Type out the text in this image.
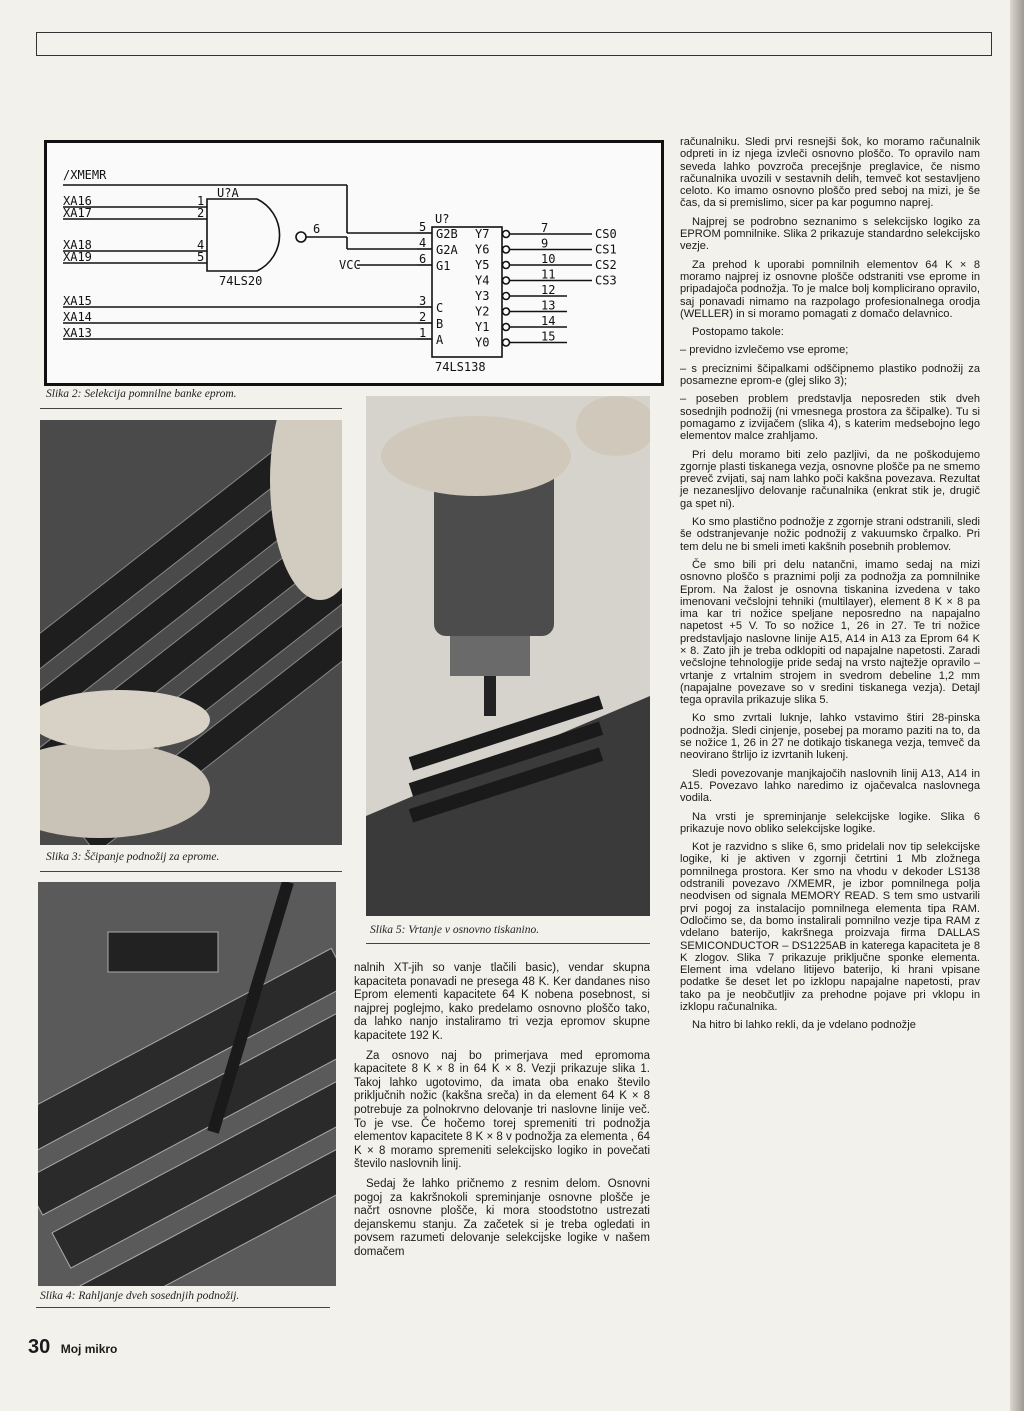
/XMEMR
XA16
XA17
XA18
XA19
1
2
4
5
U?A
6
74LS20
VCC
U?
XA15
XA14
XA13
5
4
6
3
2
1
G2B
G2A
G1
C
B
A
74LS138
Y7	7
Y6	9
Y5	10
Y4	11
Y3	12
Y2	13
Y1	14
Y0	15
CS0
CS1
CS2
CS3
Slika 2: Selekcija pomnilne banke eprom.
Slika 3: Ščipanje podnožij za eprome.
Slika 4: Rahljanje dveh sosednjih podnožij.
Slika 5: Vrtanje v osnovno tiskanino.

nalnih XT-jih so vanje tlačili basic), vendar skupna kapaciteta ponavadi ne presega 48 K. Ker dandanes niso Eprom elementi kapacitete 64 K nobena posebnost, si najprej poglejmo, kako predelamo osnovno ploščo tako, da lahko nanjo instaliramo tri vezja epromov skupne kapacitete 192 K.

Za osnovo naj bo primerjava med epromoma kapacitete 8 K × 8 in 64 K × 8. Vezji prikazuje slika 1. Takoj lahko ugotovimo, da imata oba enako število priključnih nožic (kakšna sreča) in da element 64 K × 8 potrebuje za polnokrvno delovanje tri naslovne linije več. To je vse. Če hočemo torej spremeniti tri podnožja elementov kapacitete 8 K × 8 v podnožja za elementa , 64 K × 8 moramo spremeniti selekcijsko logiko in povečati število naslovnih linij.

Sedaj že lahko pričnemo z resnim delom. Osnovni pogoj za kakršnokoli spreminjanje osnovne plošče je načrt osnovne plošče, ki mora stoodstotno ustrezati dejanskemu stanju. Za začetek si je treba ogledati in povsem razumeti delovanje selekcijske logike v našem domačem

računalniku. Sledi prvi resnejši šok, ko moramo računalnik odpreti in iz njega izvleči osnovno ploščo. To opravilo nam seveda lahko povzroča precejšnje preglavice, če nismo računalnika uvozili v sestavnih delih, temveč kot sestavljeno celoto. Ko imamo osnovno ploščo pred seboj na mizi, je še čas, da si premislimo, sicer pa kar pogumno naprej.

Najprej se podrobno seznanimo s selekcijsko logiko za EPROM pomnilnike. Slika 2 prikazuje standardno selekcijsko vezje.

Za prehod k uporabi pomnilnih elementov 64 K × 8 moramo najprej iz osnovne plošče odstraniti vse eprome in pripadajoča podnožja. To je malce bolj komplicirano opravilo, saj ponavadi nimamo na razpolago profesionalnega orodja (WELLER) in si moramo pomagati z domačo delavnico.

Postopamo takole:

– previdno izvlečemo vse eprome;

– s preciznimi ščipalkami odščipnemo plastiko podnožij za posamezne eprom-e (glej sliko 3);

– poseben problem predstavlja neposreden stik dveh sosednjih podnožij (ni vmesnega prostora za ščipalke). Tu si pomagamo z izvijačem (slika 4), s katerim medsebojno lego elementov malce zrahljamo.

Pri delu moramo biti zelo pazljivi, da ne poškodujemo zgornje plasti tiskanega vezja, osnovne plošče pa ne smemo preveč zvijati, saj nam lahko poči kakšna povezava. Rezultat je nezanesljivo delovanje računalnika (enkrat stik je, drugič ga spet ni).

Ko smo plastično podnožje z zgornje strani odstranili, sledi še odstranjevanje nožic podnožij z vakuumsko črpalko. Pri tem delu ne bi smeli imeti kakšnih posebnih problemov.

Če smo bili pri delu natančni, imamo sedaj na mizi osnovno ploščo s praznimi polji za podnožja za pomnilnike Eprom. Na žalost je osnovna tiskanina izvedena v tako imenovani večslojni tehniki (multilayer), element 8 K × 8 pa ima kar tri nožice speljane neposredno na napajalno napetost +5 V. To so nožice 1, 26 in 27. Te tri nožice predstavljajo naslovne linije A15, A14 in A13 za Eprom 64 K × 8. Zato jih je treba odklopiti od napajalne napetosti. Zaradi večslojne tehnologije pride sedaj na vrsto najtežje opravilo – vrtanje z vrtalnim strojem in svedrom debeline 1,2 mm (napajalne povezave so v sredini tiskanega vezja). Detajl tega opravila prikazuje slika 5.

Ko smo zvrtali luknje, lahko vstavimo štiri 28-pinska podnožja. Sledi cinjenje, posebej pa moramo paziti na to, da se nožice 1, 26 in 27 ne dotikajo tiskanega vezja, temveč da neovirano štrlijo iz izvrtanih lukenj.

Sledi povezovanje manjkajočih naslovnih linij A13, A14 in A15. Povezavo lahko naredimo iz ojačevalca naslovnega vodila.

Na vrsti je spreminjanje selekcijske logike. Slika 6 prikazuje novo obliko selekcijske logike.

Kot je razvidno s slike 6, smo pridelali nov tip selekcijske logike, ki je aktiven v zgornji četrtini 1 Mb zložnega pomnilnega prostora. Ker smo na vhodu v dekoder LS138 odstranili povezavo /XMEMR, je izbor pomnilnega polja neodvisen od signala MEMORY READ. S tem smo ustvarili prvi pogoj za instalacijo pomnilnega elementa tipa RAM. Odločimo se, da bomo instalirali pomnilno vezje tipa RAM z vdelano baterijo, kakršnega proizvaja firma DALLAS SEMICONDUCTOR – DS1225AB in katerega kapaciteta je 8 K zlogov. Slika 7 prikazuje priključne sponke elementa. Element ima vdelano litijevo baterijo, ki hrani vpisane podatke še deset let po izklopu napajalne napetosti, prav tako pa je neobčutljiv za prehodne pojave pri vklopu in izklopu računalnika.

Na hitro bi lahko rekli, da je vdelano podnožje

30 Moj mikro
